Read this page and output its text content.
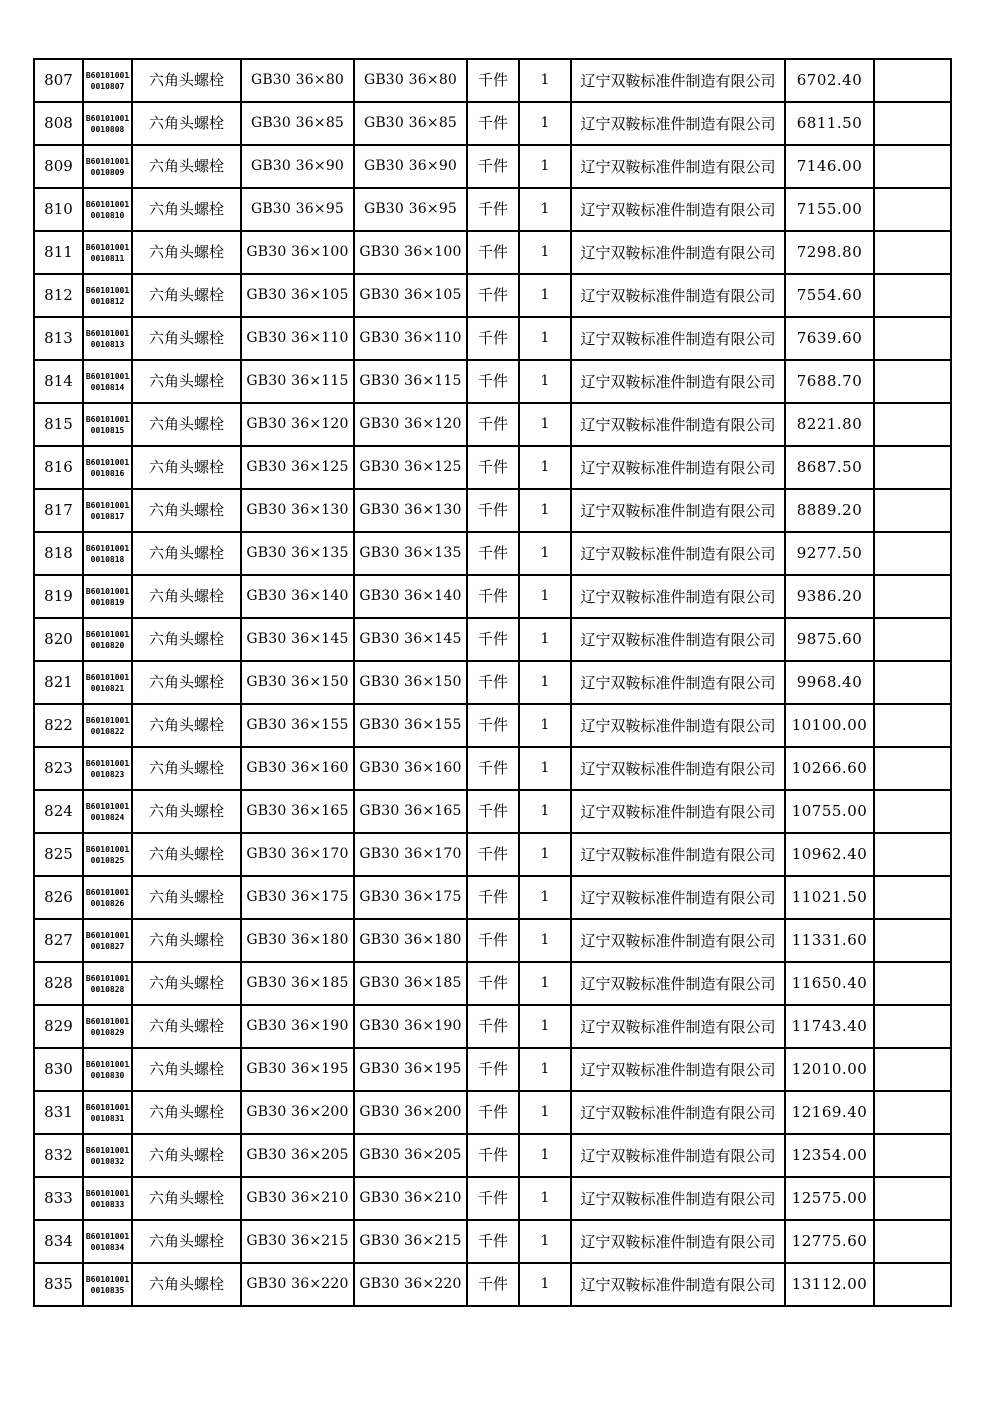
807	B601010010010807	六角头螺栓	GB30 36×80	GB30 36×80	千件	1	辽宁双鞍标准件制造有限公司	6702.40	
808	B601010010010808	六角头螺栓	GB30 36×85	GB30 36×85	千件	1	辽宁双鞍标准件制造有限公司	6811.50	
809	B601010010010809	六角头螺栓	GB30 36×90	GB30 36×90	千件	1	辽宁双鞍标准件制造有限公司	7146.00	
810	B601010010010810	六角头螺栓	GB30 36×95	GB30 36×95	千件	1	辽宁双鞍标准件制造有限公司	7155.00	
811	B601010010010811	六角头螺栓	GB30 36×100	GB30 36×100	千件	1	辽宁双鞍标准件制造有限公司	7298.80	
812	B601010010010812	六角头螺栓	GB30 36×105	GB30 36×105	千件	1	辽宁双鞍标准件制造有限公司	7554.60	
813	B601010010010813	六角头螺栓	GB30 36×110	GB30 36×110	千件	1	辽宁双鞍标准件制造有限公司	7639.60	
814	B601010010010814	六角头螺栓	GB30 36×115	GB30 36×115	千件	1	辽宁双鞍标准件制造有限公司	7688.70	
815	B601010010010815	六角头螺栓	GB30 36×120	GB30 36×120	千件	1	辽宁双鞍标准件制造有限公司	8221.80	
816	B601010010010816	六角头螺栓	GB30 36×125	GB30 36×125	千件	1	辽宁双鞍标准件制造有限公司	8687.50	
817	B601010010010817	六角头螺栓	GB30 36×130	GB30 36×130	千件	1	辽宁双鞍标准件制造有限公司	8889.20	
818	B601010010010818	六角头螺栓	GB30 36×135	GB30 36×135	千件	1	辽宁双鞍标准件制造有限公司	9277.50	
819	B601010010010819	六角头螺栓	GB30 36×140	GB30 36×140	千件	1	辽宁双鞍标准件制造有限公司	9386.20	
820	B601010010010820	六角头螺栓	GB30 36×145	GB30 36×145	千件	1	辽宁双鞍标准件制造有限公司	9875.60	
821	B601010010010821	六角头螺栓	GB30 36×150	GB30 36×150	千件	1	辽宁双鞍标准件制造有限公司	9968.40	
822	B601010010010822	六角头螺栓	GB30 36×155	GB30 36×155	千件	1	辽宁双鞍标准件制造有限公司	10100.00	
823	B601010010010823	六角头螺栓	GB30 36×160	GB30 36×160	千件	1	辽宁双鞍标准件制造有限公司	10266.60	
824	B601010010010824	六角头螺栓	GB30 36×165	GB30 36×165	千件	1	辽宁双鞍标准件制造有限公司	10755.00	
825	B601010010010825	六角头螺栓	GB30 36×170	GB30 36×170	千件	1	辽宁双鞍标准件制造有限公司	10962.40	
826	B601010010010826	六角头螺栓	GB30 36×175	GB30 36×175	千件	1	辽宁双鞍标准件制造有限公司	11021.50	
827	B601010010010827	六角头螺栓	GB30 36×180	GB30 36×180	千件	1	辽宁双鞍标准件制造有限公司	11331.60	
828	B601010010010828	六角头螺栓	GB30 36×185	GB30 36×185	千件	1	辽宁双鞍标准件制造有限公司	11650.40	
829	B601010010010829	六角头螺栓	GB30 36×190	GB30 36×190	千件	1	辽宁双鞍标准件制造有限公司	11743.40	
830	B601010010010830	六角头螺栓	GB30 36×195	GB30 36×195	千件	1	辽宁双鞍标准件制造有限公司	12010.00	
831	B601010010010831	六角头螺栓	GB30 36×200	GB30 36×200	千件	1	辽宁双鞍标准件制造有限公司	12169.40	
832	B601010010010832	六角头螺栓	GB30 36×205	GB30 36×205	千件	1	辽宁双鞍标准件制造有限公司	12354.00	
833	B601010010010833	六角头螺栓	GB30 36×210	GB30 36×210	千件	1	辽宁双鞍标准件制造有限公司	12575.00	
834	B601010010010834	六角头螺栓	GB30 36×215	GB30 36×215	千件	1	辽宁双鞍标准件制造有限公司	12775.60	
835	B601010010010835	六角头螺栓	GB30 36×220	GB30 36×220	千件	1	辽宁双鞍标准件制造有限公司	13112.00	
